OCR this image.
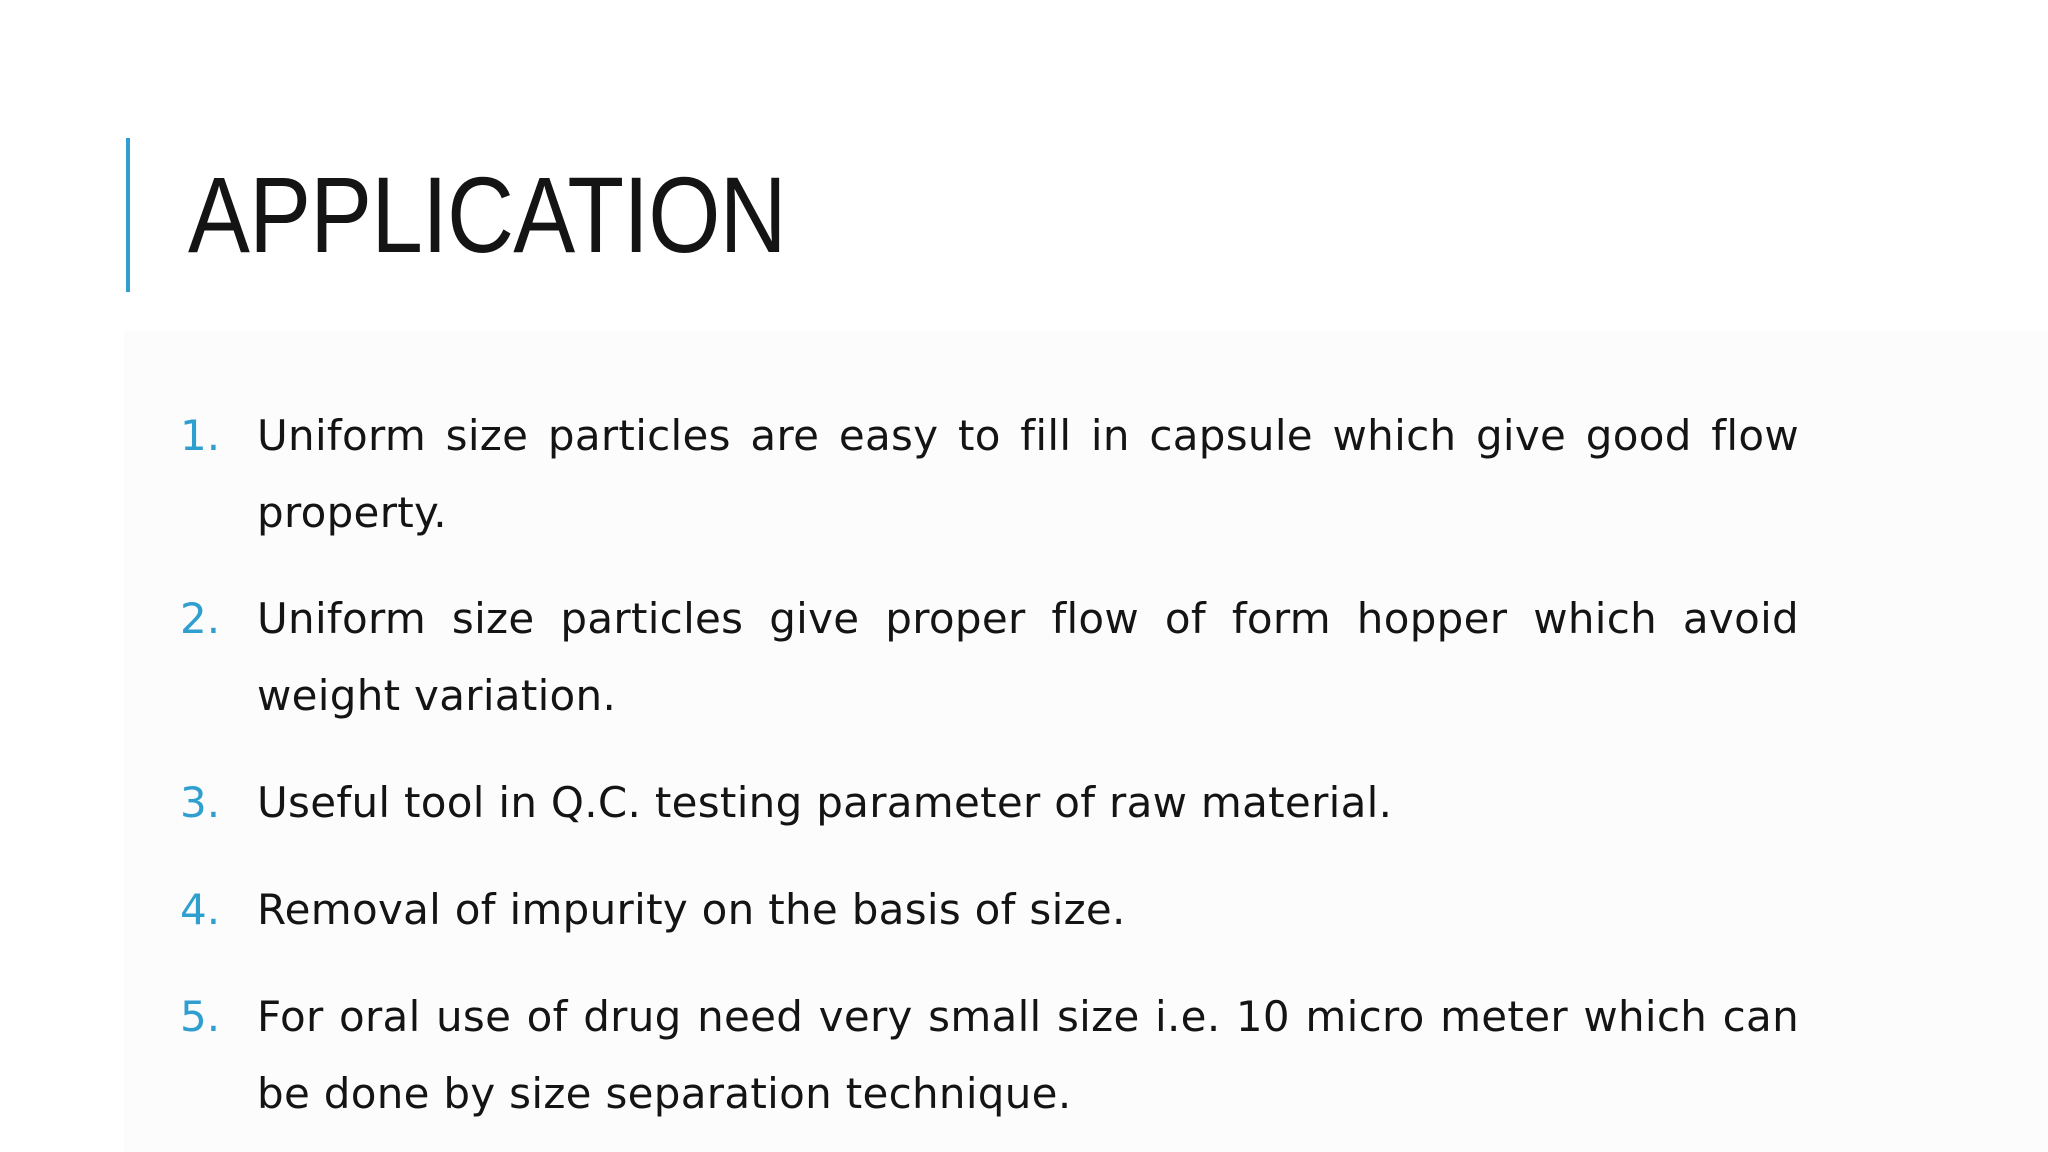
APPLICATION
1. Uniform size particles are easy to fill in capsule which give good flow property.
2. Uniform size particles give proper flow of form hopper which avoid weight variation.
3. Useful tool in Q.C. testing parameter of raw material.
4. Removal of impurity on the basis of size.
5. For oral use of drug need very small size i.e. 10 micro meter which can be done by size separation technique.
